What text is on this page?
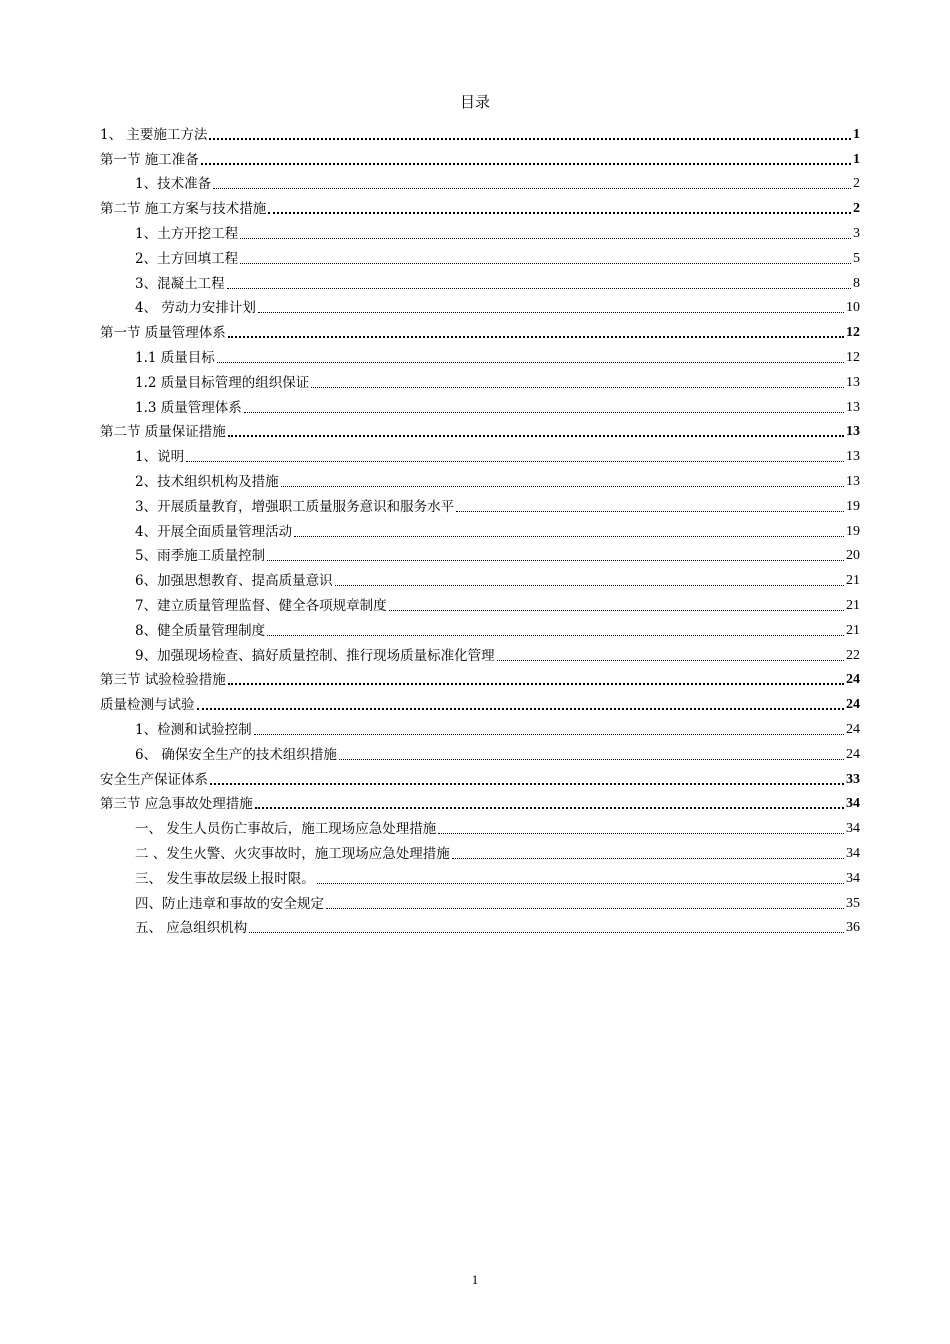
目录
1、 主要施工方法	1
第一节 施工准备	1
1、技术准备	2
第二节 施工方案与技术措施	2
1、土方开挖工程	3
2、土方回填工程	5
3、混凝土工程	8
4、 劳动力安排计划	10
第一节 质量管理体系	12
1.1 质量目标	12
1.2 质量目标管理的组织保证	13
1.3 质量管理体系	13
第二节 质量保证措施	13
1、说明	13
2、技术组织机构及措施	13
3、开展质量教育，增强职工质量服务意识和服务水平	19
4、开展全面质量管理活动	19
5、雨季施工质量控制	20
6、加强思想教育、提高质量意识	21
7、建立质量管理监督、健全各项规章制度	21
8、健全质量管理制度	21
9、加强现场检查、搞好质量控制、推行现场质量标准化管理	22
第三节 试验检验措施	24
质量检测与试验	24
1、检测和试验控制	24
6、 确保安全生产的技术组织措施	24
安全生产保证体系	33
第三节 应急事故处理措施	34
一、 发生人员伤亡事故后，施工现场应急处理措施	34
二 、发生火警、火灾事故时，施工现场应急处理措施	34
三、 发生事故层级上报时限。	34
四、防止违章和事故的安全规定	35
五、 应急组织机构	36
1
